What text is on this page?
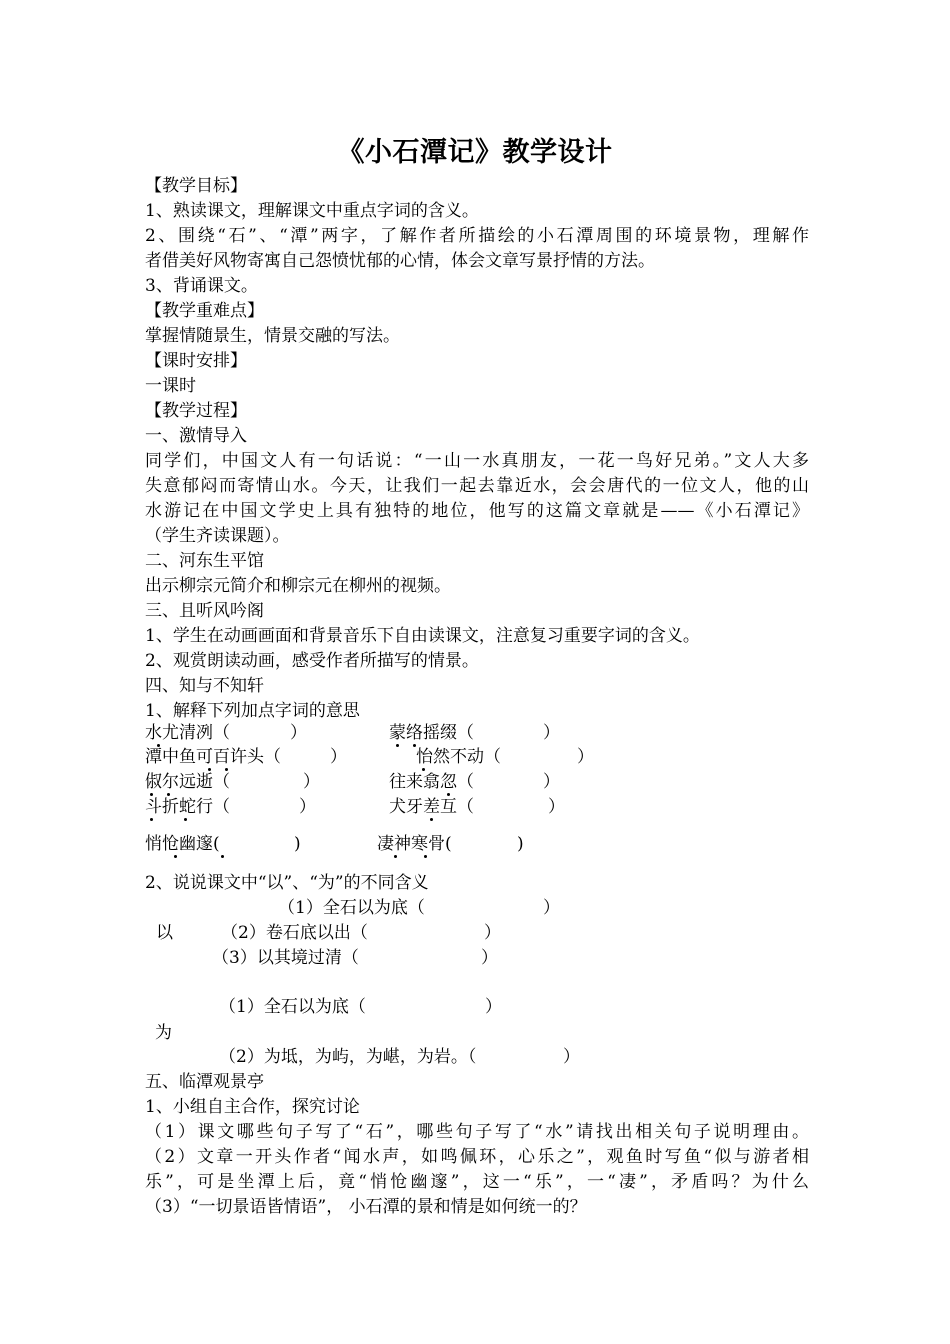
《小石潭记》教学设计
【教学目标】
1、熟读课文，理解课文中重点字词的含义。
2、围绕“石”、“潭”两字，了解作者所描绘的小石潭周围的环境景物，理解作
者借美好风物寄寓自己怨愤忧郁的心情，体会文章写景抒情的方法。
3、背诵课文。
【教学重难点】
掌握情随景生，情景交融的写法。
【课时安排】
一课时
【教学过程】
一、激情导入
同学们，中国文人有一句话说：“一山一水真朋友，一花一鸟好兄弟。”文人大多
失意郁闷而寄情山水。今天，让我们一起去靠近水，会会唐代的一位文人，他的山
水游记在中国文学史上具有独特的地位，他写的这篇文章就是——《小石潭记》
（学生齐读课题）。
二、河东生平馆
出示柳宗元简介和柳宗元在柳州的视频。
三、且听风吟阁
1、学生在动画画面和背景音乐下自由读课文，注意复习重要字词的含义。
2、观赏朗读动画，感受作者所描写的情景。
四、知与不知轩
1、解释下列加点字词的意思
水尤清冽（	）	蒙络摇缀（	）
潭中鱼可百许头（	）	怡然不动（	）
俶尔远逝（	）	往来翕忽（	）
斗折蛇行（	）	犬牙差互（	）
悄怆幽邃(	)	凄神寒骨(	)
2、说说课文中“以”、“为”的不同含义
（1）全石以为底（	）
以	（2）卷石底以出（	）
（3）以其境过清（	）
（1）全石以为底（	）
为
（2）为坻，为屿，为嵁，为岩。（	）
五、临潭观景亭
1、小组自主合作，探究讨论
（1）课文哪些句子写了“石”，哪些句子写了“水”请找出相关句子说明理由。
（2）文章一开头作者“闻水声，如鸣佩环，心乐之”，观鱼时写鱼“似与游者相
乐”，可是坐潭上后，竟“悄怆幽邃”，这一“乐”，一“凄”，矛盾吗？为什么
（3）“一切景语皆情语”， 小石潭的景和情是如何统一的？
